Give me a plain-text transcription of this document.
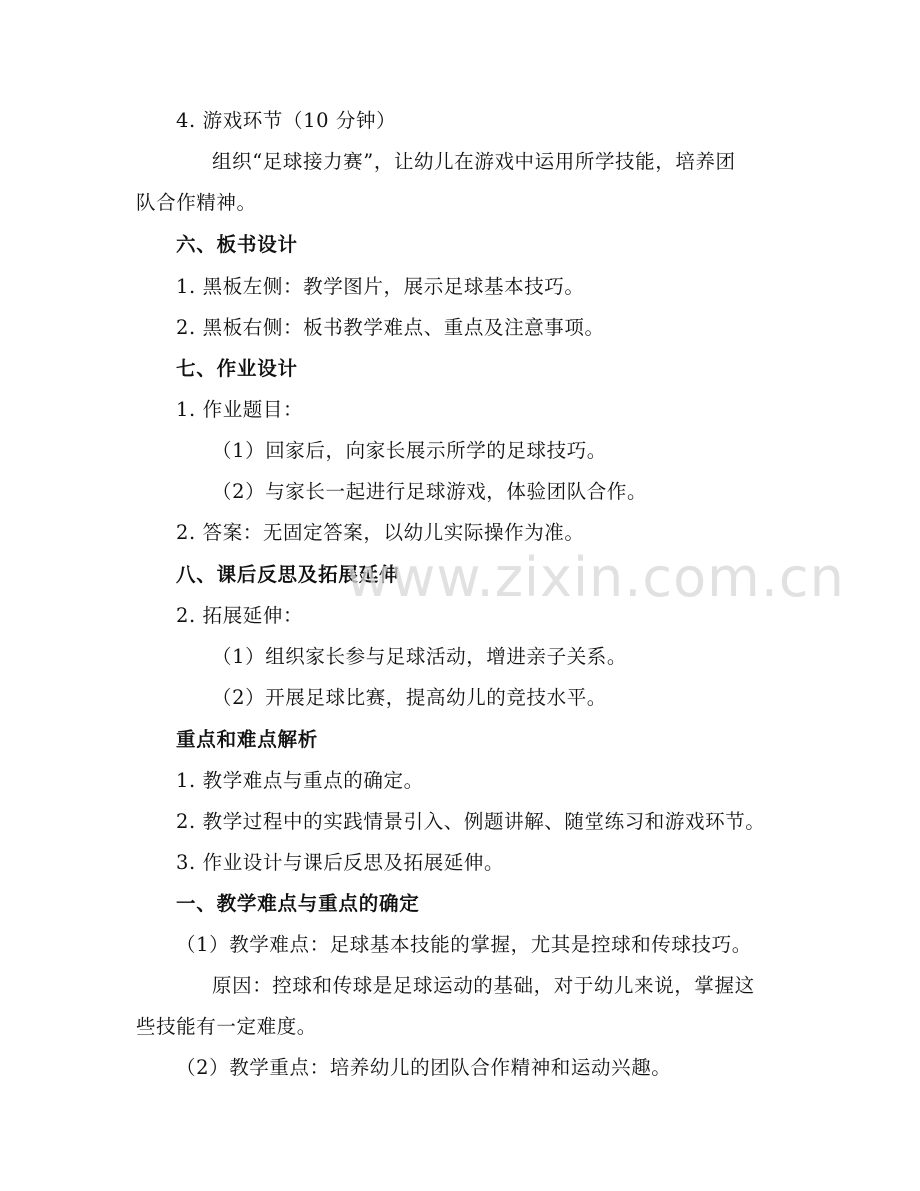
4. 游戏环节（10 分钟）
组织“足球接力赛”，让幼儿在游戏中运用所学技能，培养团
队合作精神。
六、板书设计
1. 黑板左侧：教学图片，展示足球基本技巧。
2. 黑板右侧：板书教学难点、重点及注意事项。
七、作业设计
1. 作业题目：
（1）回家后，向家长展示所学的足球技巧。
（2）与家长一起进行足球游戏，体验团队合作。
2. 答案：无固定答案，以幼儿实际操作为准。
八、课后反思及拓展延伸
2. 拓展延伸：
（1）组织家长参与足球活动，增进亲子关系。
（2）开展足球比赛，提高幼儿的竞技水平。
重点和难点解析
1. 教学难点与重点的确定。
2. 教学过程中的实践情景引入、例题讲解、随堂练习和游戏环节。
3. 作业设计与课后反思及拓展延伸。
一、教学难点与重点的确定
（1）教学难点：足球基本技能的掌握，尤其是控球和传球技巧。
原因：控球和传球是足球运动的基础，对于幼儿来说，掌握这
些技能有一定难度。
（2）教学重点：培养幼儿的团队合作精神和运动兴趣。
www.zixin.com.cn
